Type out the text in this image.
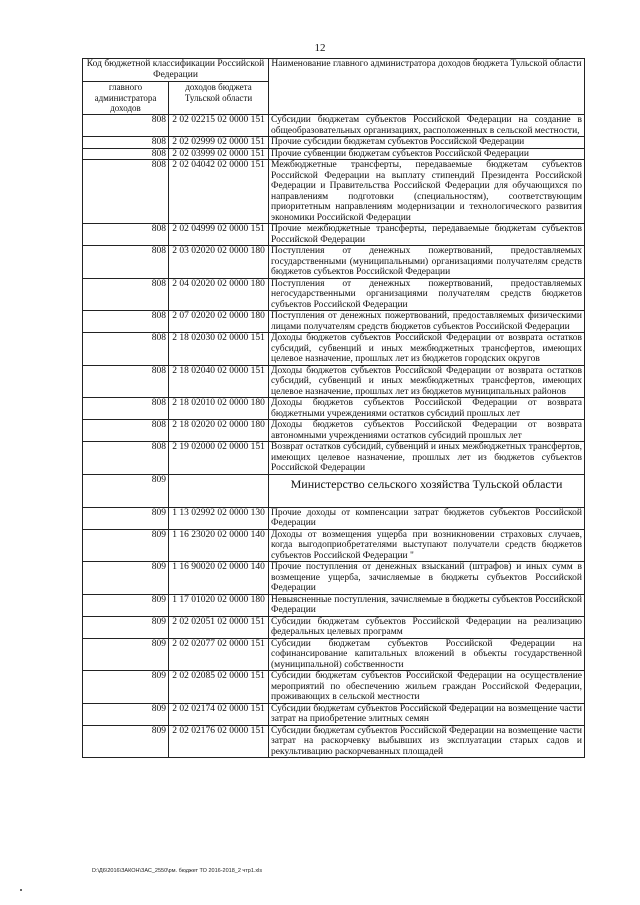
12
Код бюджетной классификации Российской Федерации		Наименование главного администратора доходов бюджета Тульской области
главного администратора доходов	доходов бюджета Тульской области	
808	2 02 02215 02 0000 151	Субсидии бюджетам субъектов Российской Федерации на создание в общеобразовательных организациях, расположенных в сельской местности,
808	2 02 02999 02 0000 151	Прочие субсидии бюджетам субъектов Российской Федерации
808	2 02 03999 02 0000 151	Прочие субвенции бюджетам субъектов Российской Федерации
808	2 02 04042 02 0000 151	Межбюджетные трансферты, передаваемые бюджетам субъектов Российской Федерации на выплату стипендий Президента Российской Федерации и Правительства Российской Федерации для обучающихся по направлениям подготовки (специальностям), соответствующим приоритетным направлениям модернизации и технологического развития экономики Российской Федерации
808	2 02 04999 02 0000 151	Прочие межбюджетные трансферты, передаваемые бюджетам субъектов Российской Федерации
808	2 03 02020 02 0000 180	Поступления от денежных пожертвований, предоставляемых государственными (муниципальными) организациями получателям средств бюджетов субъектов Российской Федерации
808	2 04 02020 02 0000 180	Поступления от денежных пожертвований, предоставляемых негосударственными организациями получателям средств бюджетов субъектов Российской Федерации
808	2 07 02020 02 0000 180	Поступления от денежных пожертвований, предоставляемых физическими лицами получателям средств бюджетов субъектов Российской Федерации
808	2 18 02030 02 0000 151	Доходы бюджетов субъектов Российской Федерации от возврата остатков субсидий, субвенций и иных межбюджетных трансфертов, имеющих целевое назначение, прошлых лет из бюджетов городских округов
808	2 18 02040 02 0000 151	Доходы бюджетов субъектов Российской Федерации от возврата остатков субсидий, субвенций и иных межбюджетных трансфертов, имеющих целевое назначение, прошлых лет из бюджетов муниципальных районов
808	2 18 02010 02 0000 180	Доходы бюджетов субъектов Российской Федерации от возврата бюджетными учреждениями остатков субсидий прошлых лет
808	2 18 02020 02 0000 180	Доходы бюджетов субъектов Российской Федерации от возврата автономными учреждениями остатков субсидий прошлых лет
808	2 19 02000 02 0000 151	Возврат остатков субсидий, субвенций и иных межбюджетных трансфертов, имеющих целевое назначение, прошлых лет из бюджетов субъектов Российской Федерации
809		Министерство сельского хозяйства Тульской области
809	1 13 02992 02 0000 130	Прочие доходы от компенсации затрат бюджетов субъектов Российской Федерации
809	1 16 23020 02 0000 140	Доходы от возмещения ущерба при возникновении страховых случаев, когда выгодоприобретателями выступают получатели средств бюджетов субъектов Российской Федерации "
809	1 16 90020 02 0000 140	Прочие поступления от денежных взысканий (штрафов) и иных сумм в возмещение ущерба, зачисляемые в бюджеты субъектов Российской Федерации
809	1 17 01020 02 0000 180	Невыясненные поступления, зачисляемые в бюджеты субъектов Российской Федерации
809	2 02 02051 02 0000 151	Субсидии бюджетам субъектов Российской Федерации на реализацию федеральных целевых программ
809	2 02 02077 02 0000 151	Субсидии бюджетам субъектов Российской Федерации на софинансирование капитальных вложений в объекты государственной (муниципальной) собственности
809	2 02 02085 02 0000 151	Субсидии бюджетам субъектов Российской Федерации на осуществление мероприятий по обеспечению жильем граждан Российской Федерации, проживающих в сельской местности
809	2 02 02174 02 0000 151	Субсидии бюджетам субъектов Российской Федерации на возмещение части затрат на приобретение элитных семян
809	2 02 02176 02 0000 151	Субсидии бюджетам субъектов Российской Федерации на возмещение части затрат на раскорчевку выбывших из эксплуатации старых садов и рекультивацию раскорчеванных площадей
D:\Д6\2016\ЗАКОН\ЗАС_2550\рм. бюджет ТО 2016-2018_2 чтр1.xls
